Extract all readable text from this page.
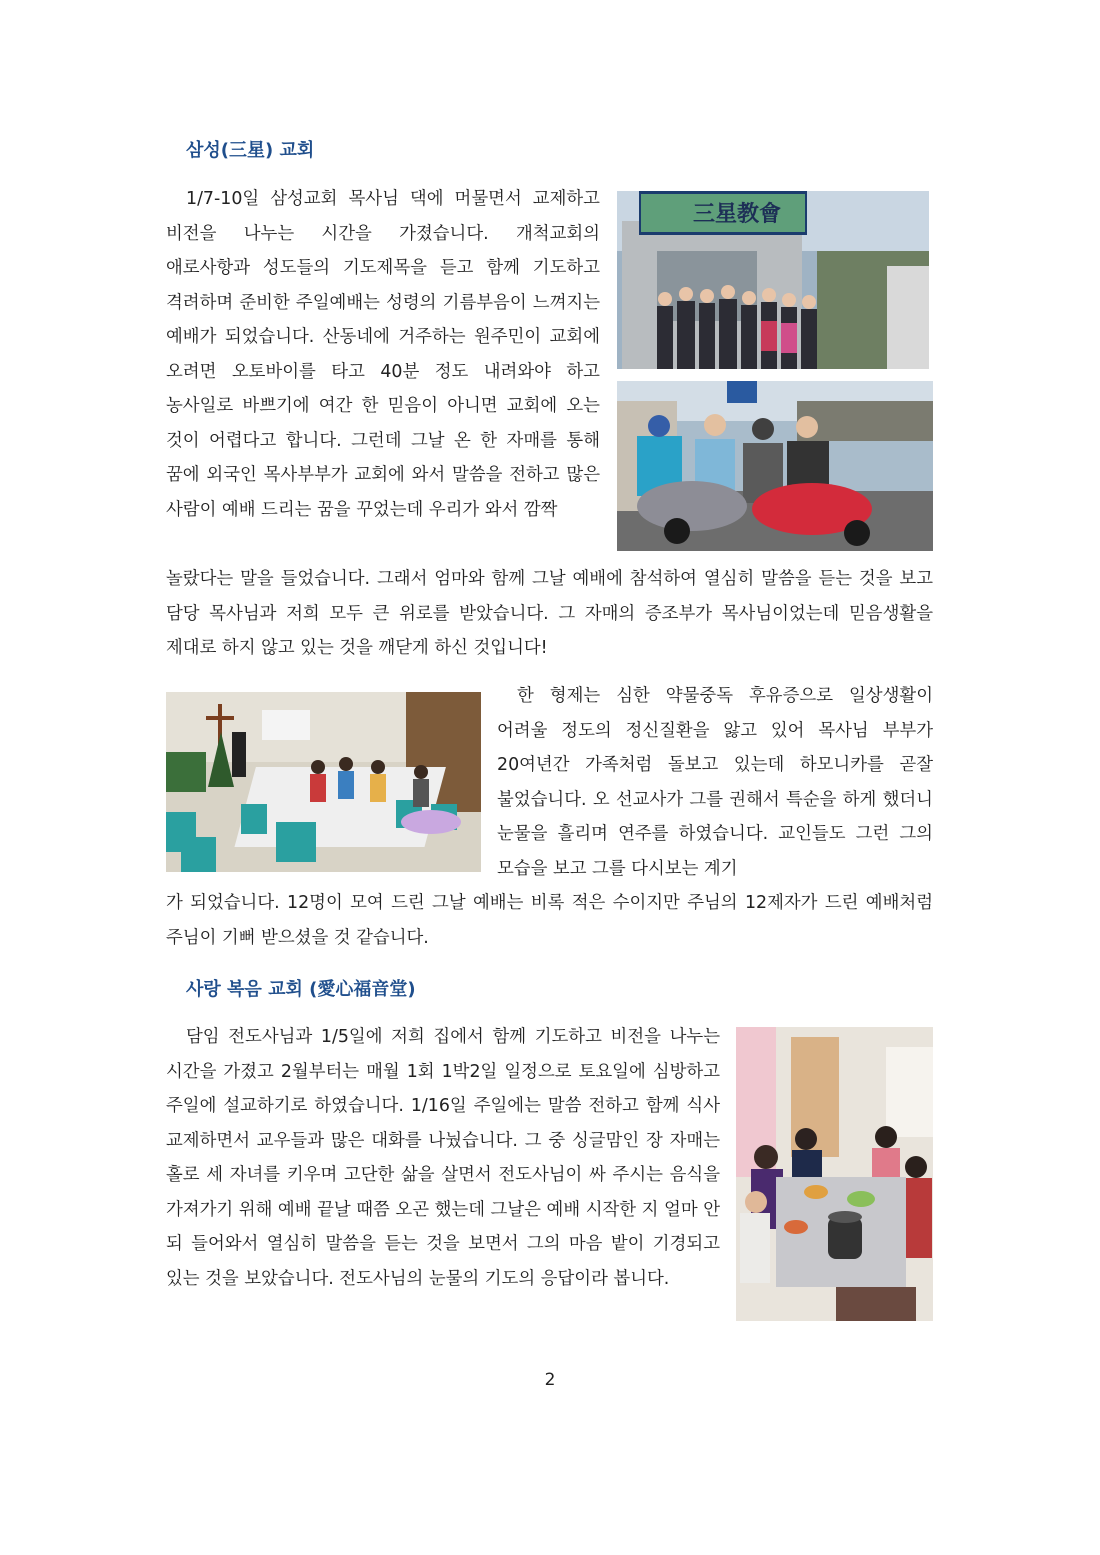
삼성(三星) 교회

1/7-10일 삼성교회 목사님 댁에 머물면서 교제하고 비전을 나누는 시간을 가졌습니다. 개척교회의 애로사항과 성도들의 기도제목을 듣고 함께 기도하고 격려하며 준비한 주일예배는 성령의 기름부음이 느껴지는 예배가 되었습니다. 산동네에 거주하는 원주민이 교회에 오려면 오토바이를 타고 40분 정도 내려와야 하고 농사일로 바쁘기에 여간 한 믿음이 아니면 교회에 오는 것이 어렵다고 합니다. 그런데 그날 온 한 자매를 통해 꿈에 외국인 목사부부가 교회에 와서 말씀을 전하고 많은 사람이 예배 드리는 꿈을 꾸었는데 우리가 와서 깜짝

三星教會

놀랐다는 말을 들었습니다. 그래서 엄마와 함께 그날 예배에 참석하여 열심히 말씀을 듣는 것을 보고 담당 목사님과 저희 모두 큰 위로를 받았습니다. 그 자매의 증조부가 목사님이었는데 믿음생활을 제대로 하지 않고 있는 것을 깨닫게 하신 것입니다!

한 형제는 심한 약물중독 후유증으로 일상생활이 어려울 정도의 정신질환을 앓고 있어 목사님 부부가 20여년간 가족처럼 돌보고 있는데 하모니카를 곧잘 불었습니다. 오 선교사가 그를 권해서 특순을 하게 했더니 눈물을 흘리며 연주를 하였습니다. 교인들도 그런 그의 모습을 보고 그를 다시보는 계기

가 되었습니다. 12명이 모여 드린 그날 예배는 비록 적은 수이지만 주님의 12제자가 드린 예배처럼 주님이 기뻐 받으셨을 것 같습니다.

사랑 복음 교회 (愛心福音堂)

담임 전도사님과 1/5일에 저희 집에서 함께 기도하고 비전을 나누는 시간을 가졌고 2월부터는 매월 1회 1박2일 일정으로 토요일에 심방하고 주일에 설교하기로 하였습니다. 1/16일 주일에는 말씀 전하고 함께 식사 교제하면서 교우들과 많은 대화를 나눴습니다. 그 중 싱글맘인 장 자매는 홀로 세 자녀를 키우며 고단한 삶을 살면서 전도사님이 싸 주시는 음식을 가져가기 위해 예배 끝날 때쯤 오곤 했는데 그날은 예배 시작한 지 얼마 안 되 들어와서 열심히 말씀을 듣는 것을 보면서 그의 마음 밭이 기경되고 있는 것을 보았습니다. 전도사님의 눈물의 기도의 응답이라 봅니다.

2
